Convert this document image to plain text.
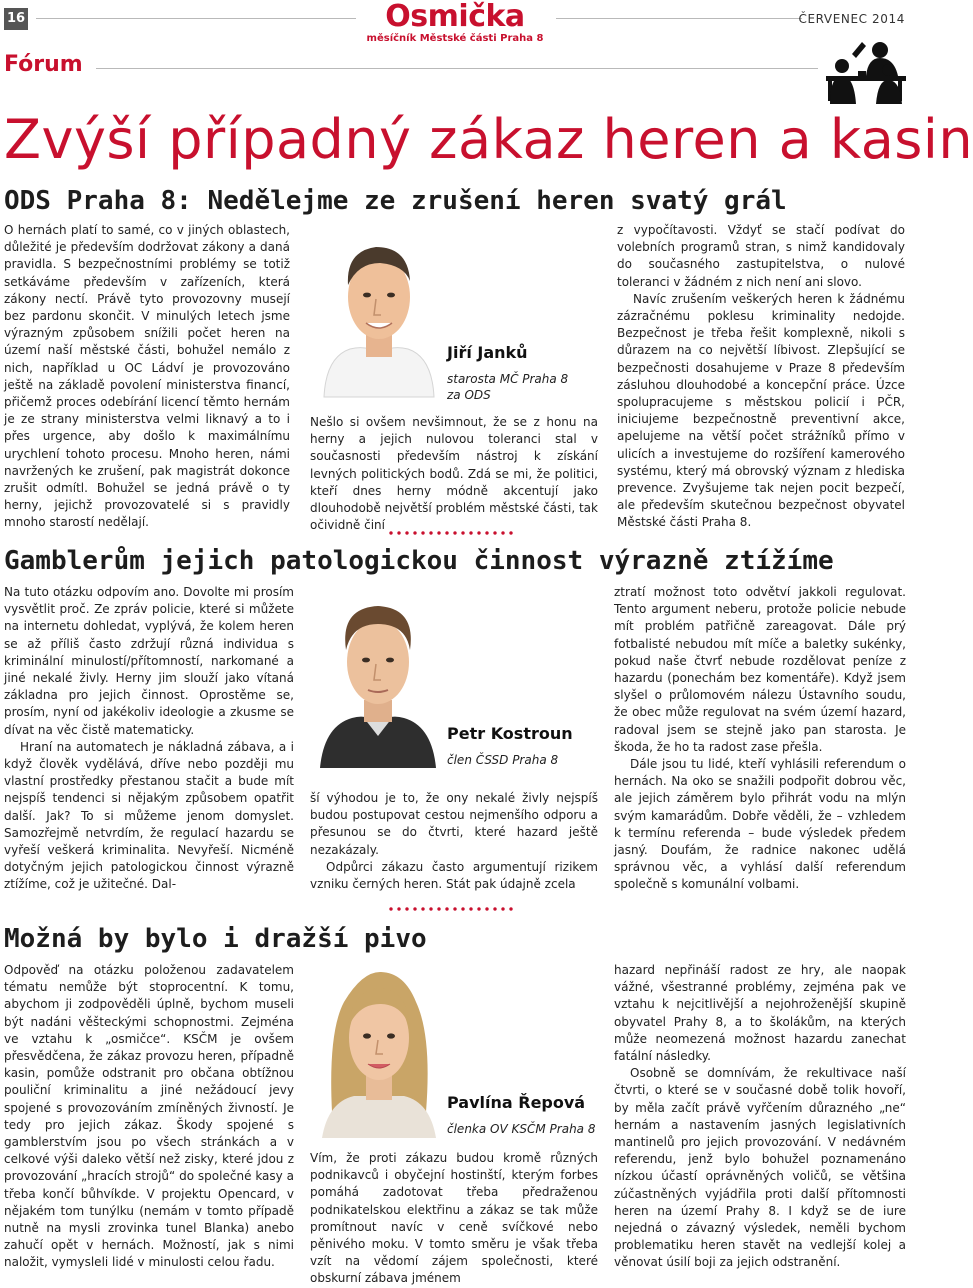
16	Osmička
měsíčník Městské části Praha 8
ČERVENEC 2014
Fórum
Zvýší případný zákaz heren a kasin
ODS Praha 8: Nedělejme ze zrušení heren svatý grál

O hernách platí to samé, co v jiných oblastech, důležité je především dodržovat zákony a daná pravidla. S bezpečnostními problémy se totiž setkáváme především v zařízeních, která zákony nectí. Právě tyto provozovny musejí bez pardonu skončit. V minulých letech jsme výrazným způsobem snížili počet heren na území naší městské části, bohužel nemálo z nich, například u OC Ládví je provozováno ještě na základě povolení ministerstva financí, přičemž proces odebírání licencí těmto hernám je ze strany ministerstva velmi liknavý a to i přes urgence, aby došlo k maximálnímu urychlení tohoto procesu. Mnoho heren, námi navržených ke zrušení, pak magistrát dokonce zrušit odmítl. Bohužel se jedná právě o ty herny, jejichž provozovatelé si s pravidly mnoho starostí nedělají.

Jiří Janků
starosta MČ Praha 8
za ODS

Nešlo si ovšem nevšimnout, že se z honu na herny a jejich nulovou toleranci stal v současnosti především nástroj k získání levných politických bodů. Zdá se mi, že politici, kteří dnes herny módně akcentují jako dlouhodobě největší problém městské části, tak očividně činí

z vypočítavosti. Vždyť se stačí podívat do volebních programů stran, s nimž kandidovaly do současného zastupitelstva, o nulové toleranci v žádném z nich není ani slovo.

Navíc zrušením veškerých heren k žádnému zázračnému poklesu kriminality nedojde. Bezpečnost je třeba řešit komplexně, nikoli s důrazem na co největší líbivost. Zlepšující se bezpečnosti dosahujeme v Praze 8 především zásluhou dlouhodobé a koncepční práce. Úzce spolupracujeme s městskou policií i PČR, iniciujeme bezpečnostně preventivní akce, apelujeme na větší počet strážníků přímo v ulicích a investujeme do rozšíření kamerového systému, který má obrovský význam z hlediska prevence. Zvyšujeme tak nejen pocit bezpečí, ale především skutečnou bezpečnost obyvatel Městské části Praha 8.

Gamblerům jejich patologickou činnost výrazně ztížíme

Na tuto otázku odpovím ano. Dovolte mi prosím vysvětlit proč. Ze zpráv policie, které si můžete na internetu dohledat, vyplývá, že kolem heren se až příliš často zdržují různá individua s kriminální minulostí/přítomností, narkomané a jiné nekalé živly. Herny jim slouží jako vítaná základna pro jejich činnost. Oprostěme se, prosím, nyní od jakékoliv ideologie a zkusme se dívat na věc čistě matematicky.

Hraní na automatech je nákladná zábava, a i když člověk vydělává, dříve nebo později mu vlastní prostředky přestanou stačit a bude mít nejspíš tendenci si nějakým způsobem opatřit další. Jak? To si můžeme jenom domyslet. Samozřejmě netvrdím, že regulací hazardu se vyřeší veškerá kriminalita. Nevyřeší. Nicméně dotyčným jejich patologickou činnost výrazně ztížíme, což je užitečné. Dal-

Petr Kostroun
člen ČSSD Praha 8

ší výhodou je to, že ony nekalé živly nejspíš budou postupovat cestou nejmenšího odporu a přesunou se do čtvrti, které hazard ještě nezakázaly.

Odpůrci zákazu často argumentují rizikem vzniku černých heren. Stát pak údajně zcela

ztratí možnost toto odvětví jakkoli regulovat. Tento argument neberu, protože policie nebude mít problém patřičně zareagovat. Dále prý fotbalisté nebudou mít míče a baletky sukénky, pokud naše čtvrť nebude rozdělovat peníze z hazardu (ponechám bez komentáře). Když jsem slyšel o průlomovém nálezu Ústavního soudu, že obec může regulovat na svém území hazard, radoval jsem se stejně jako pan starosta. Je škoda, že ho ta radost zase přešla.

Dále jsou tu lidé, kteří vyhlásili referendum o hernách. Na oko se snažili podpořit dobrou věc, ale jejich záměrem bylo přihrát vodu na mlýn svým kamarádům. Dobře věděli, že – vzhledem k termínu referenda – bude výsledek předem jasný. Doufám, že radnice nakonec udělá správnou věc, a vyhlásí další referendum společně s komunální volbami.

Možná by bylo i dražší pivo

Odpověď na otázku položenou zadavatelem tématu nemůže být stoprocentní. K tomu, abychom ji zodpověděli úplně, bychom museli být nadáni věšteckými schopnostmi. Zejména ve vztahu k „osmičce“. KSČM je ovšem přesvědčena, že zákaz provozu heren, případně kasin, pomůže odstranit pro občana obtížnou pouliční kriminalitu a jiné nežádoucí jevy spojené s provozováním zmíněných živností. Je tedy pro jejich zákaz. Škody spojené s gamblerstvím jsou po všech stránkách a v celkové výši daleko větší než zisky, které jdou z provozování „hracích strojů“ do společné kasy a třeba končí bůhvíkde. V projektu Opencard, v nějakém tom tunýlku (nemám v tomto případě nutně na mysli zrovinka tunel Blanka) anebo zahučí opět v hernách. Možností, jak s nimi naložit, vymysleli lidé v minulosti celou řadu.

Pavlína Řepová
členka OV KSČM Praha 8

Vím, že proti zákazu budou kromě různých podnikavců i obyčejní hostinští, kterým forbes pomáhá zadotovat třeba předraženou podnikatelskou elektřinu a zákaz se tak může promítnout navíc v ceně svíčkové nebo pěnivého moku. V tomto směru je však třeba vzít na vědomí zájem společnosti, které obskurní zábava jménem

hazard nepřináší radost ze hry, ale naopak vážné, všestranné problémy, zejména pak ve vztahu k nejcitlivější a nejohroženější skupině obyvatel Prahy 8, a to školákům, na kterých může neomezená možnost hazardu zanechat fatální následky.

Osobně se domnívám, že rekultivace naší čtvrti, o které se v současné době tolik hovoří, by měla začít právě vyřčením důrazného „ne“ hernám a nastavením jasných legislativních mantinelů pro jejich provozování. V nedávném referendu, jenž bylo bohužel poznamenáno nízkou účastí oprávněných voličů, se většina zúčastněných vyjádřila proti další přítomnosti heren na území Prahy 8. I když se de iure nejedná o závazný výsledek, neměli bychom problematiku heren stavět na vedlejší kolej a věnovat úsilí boji za jejich odstranění.
